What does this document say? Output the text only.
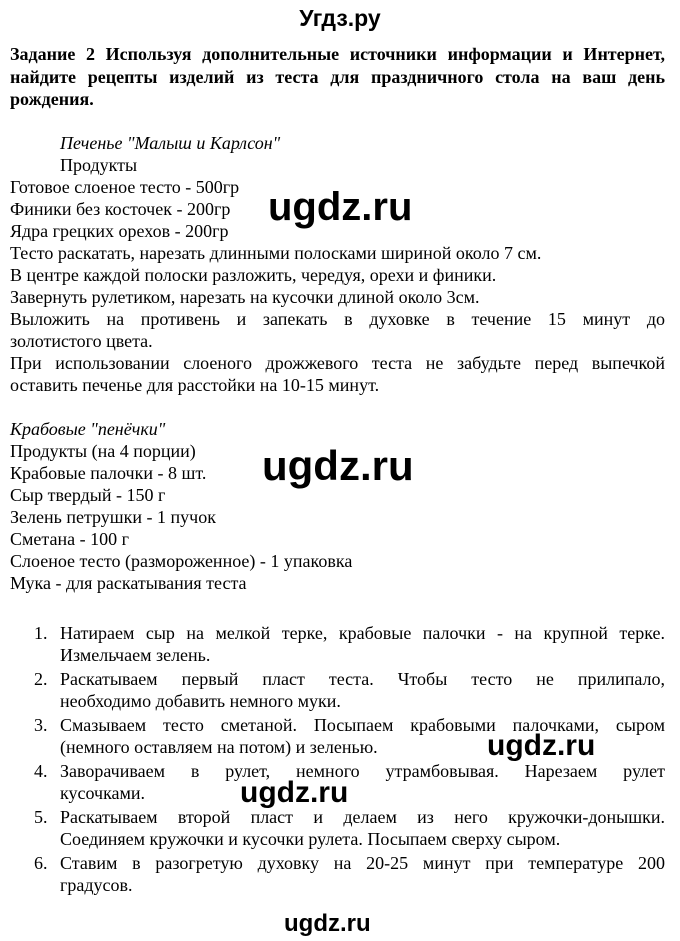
Угдз.ру
Задание 2 Используя дополнительные источники информации и Интернет, найдите рецепты изделий из теста для праздничного стола на ваш день рождения.
Печенье "Малыш и Карлсон"
Продукты
Готовое слоеное тесто - 500гр
Финики без косточек - 200гр
Ядра грецких орехов - 200гр
Тесто раскатать, нарезать длинными полосками шириной около 7 см.
В центре каждой полоски разложить, чередуя, орехи и финики.
Завернуть рулетиком, нарезать на кусочки длиной около 3см.
Выложить на противень и запекать в духовке в течение 15 минут до
золотистого цвета.
При использовании слоеного дрожжевого теста не забудьте перед выпечкой
оставить печенье для расстойки на 10-15 минут.
Крабовые "пенёчки"
Продукты (на 4 порции)
Крабовые палочки - 8 шт.
Сыр твердый - 150 г
Зелень петрушки - 1 пучок
Сметана - 100 г
Слоеное тесто (размороженное) - 1 упаковка
Мука - для раскатывания теста
1. Натираем сыр на мелкой терке, крабовые палочки - на крупной терке.
Измельчаем зелень.
2. Раскатываем первый пласт теста. Чтобы тесто не прилипало,
необходимо добавить немного муки.
3. Смазываем тесто сметаной. Посыпаем крабовыми палочками, сыром
(немного оставляем на потом) и зеленью.
4. Заворачиваем в рулет, немного утрамбовывая. Нарезаем рулет
кусочками.
5. Раскатываем второй пласт и делаем из него кружочки-донышки.
Соединяем кружочки и кусочки рулета. Посыпаем сверху сыром.
6. Ставим в разогретую духовку на 20-25 минут при температуре 200
градусов.
ugdz.ru
ugdz.ru
ugdz.ru
ugdz.ru
ugdz.ru
